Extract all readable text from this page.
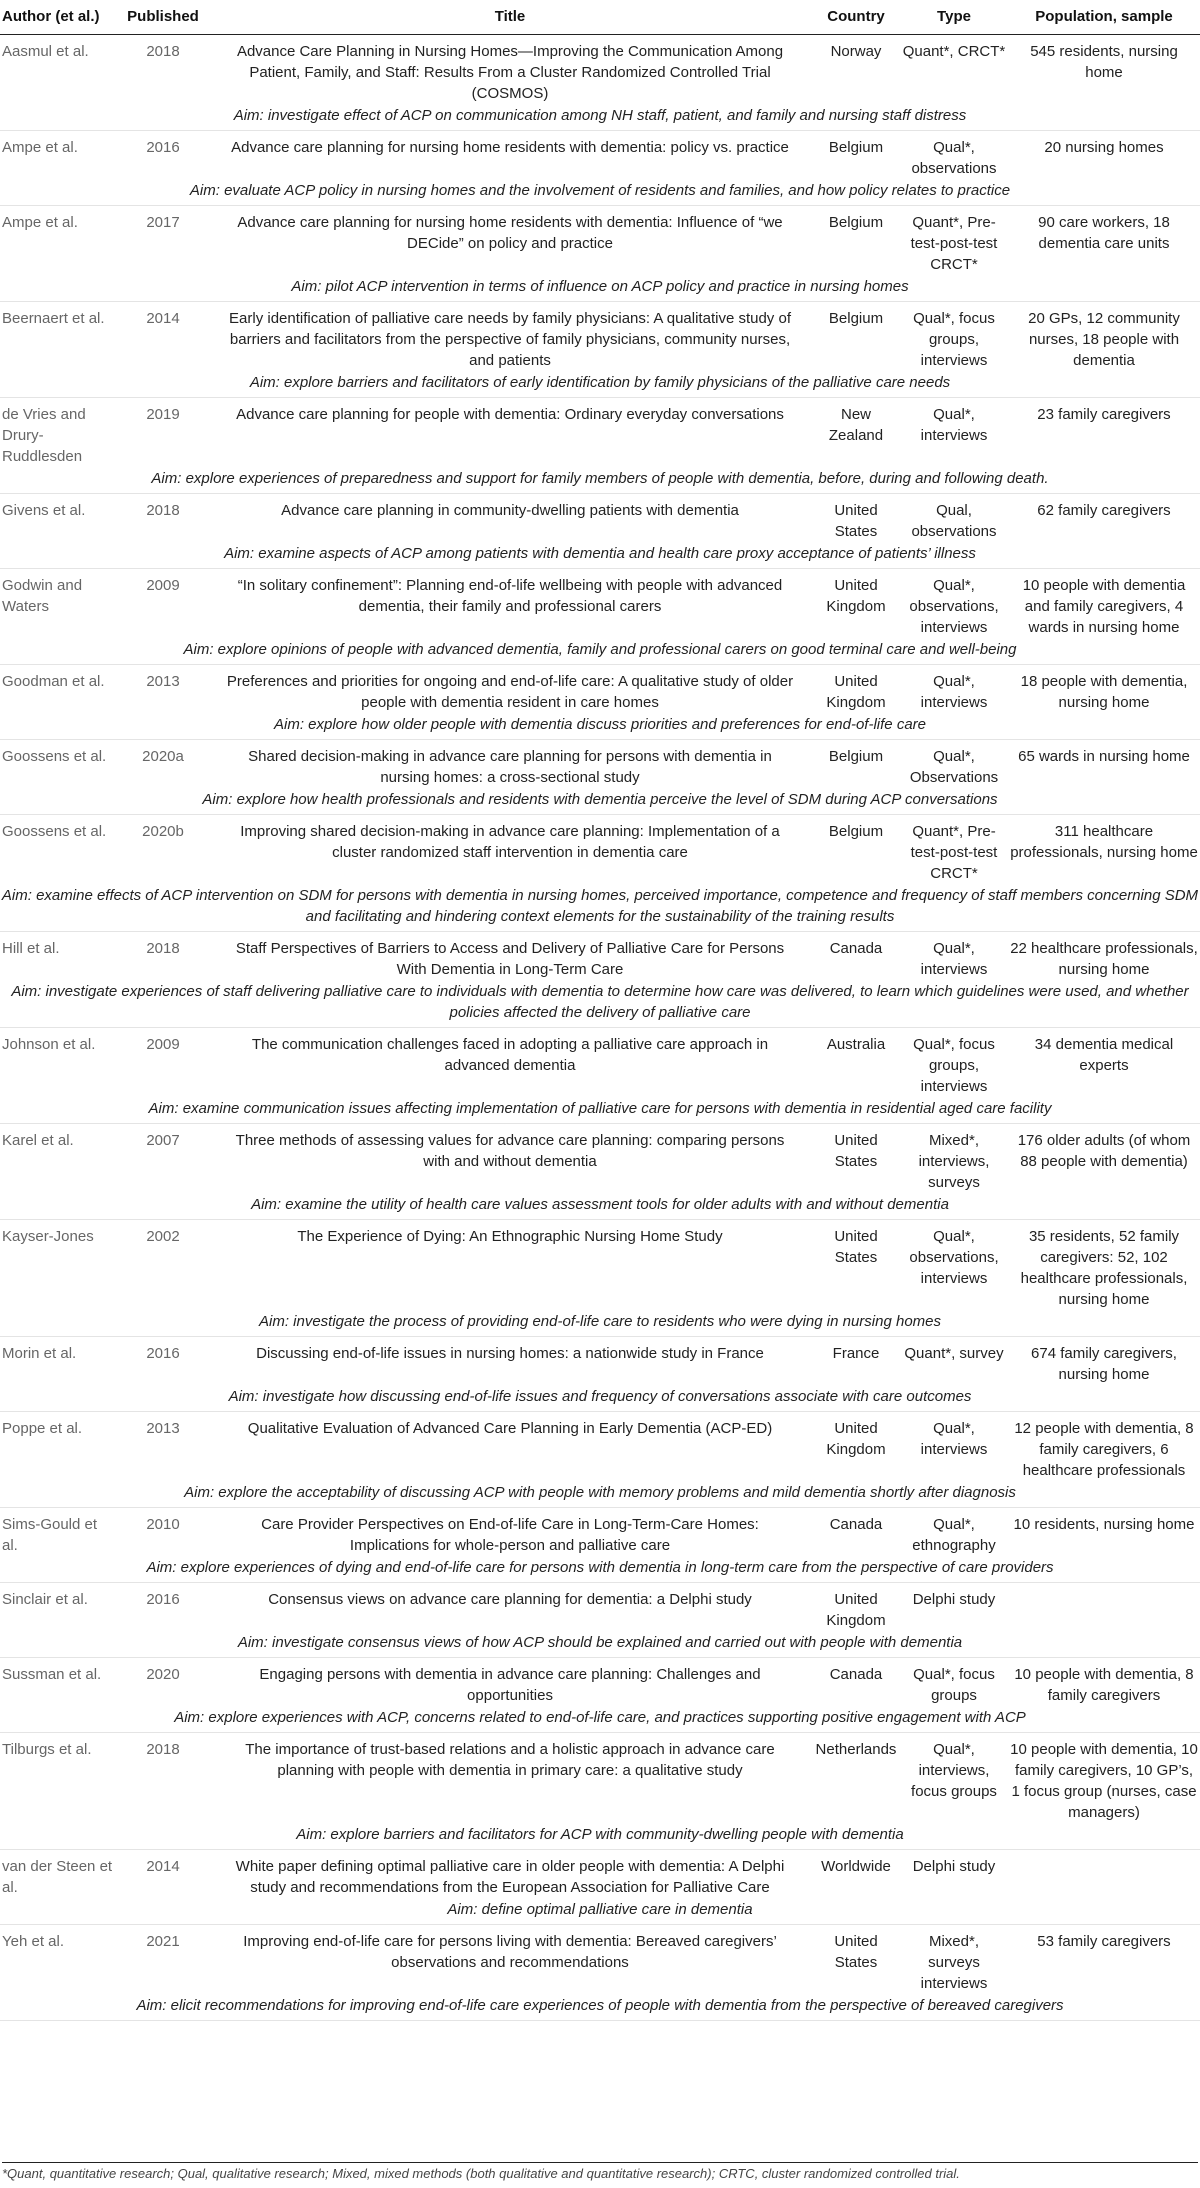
Author (et al.)	Published	Title	Country	Type	Population, sample
Aasmul et al.	2018	Advance Care Planning in Nursing Homes—Improving the Communication Among Patient, Family, and Staff: Results From a Cluster Randomized Controlled Trial (COSMOS)	Norway	Quant*, CRCT*	545 residents, nursing home
Aim: investigate effect of ACP on communication among NH staff, patient, and family and nursing staff distress					
Ampe et al.	2016	Advance care planning for nursing home residents with dementia: policy vs. practice	Belgium	Qual*, observations	20 nursing homes
Aim: evaluate ACP policy in nursing homes and the involvement of residents and families, and how policy relates to practice					
Ampe et al.	2017	Advance care planning for nursing home residents with dementia: Influence of “we DECide” on policy and practice	Belgium	Quant*, Pre-test-post-test CRCT*	90 care workers, 18 dementia care units
Aim: pilot ACP intervention in terms of influence on ACP policy and practice in nursing homes					
Beernaert et al.	2014	Early identification of palliative care needs by family physicians: A qualitative study of barriers and facilitators from the perspective of family physicians, community nurses, and patients	Belgium	Qual*, focus groups, interviews	20 GPs, 12 community nurses, 18 people with dementia
Aim: explore barriers and facilitators of early identification by family physicians of the palliative care needs					
de Vries and Drury-Ruddlesden	2019	Advance care planning for people with dementia: Ordinary everyday conversations	New Zealand	Qual*, interviews	23 family caregivers
Aim: explore experiences of preparedness and support for family members of people with dementia, before, during and following death.					
Givens et al.	2018	Advance care planning in community-dwelling patients with dementia	United States	Qual, observations	62 family caregivers
Aim: examine aspects of ACP among patients with dementia and health care proxy acceptance of patients’ illness					
Godwin and Waters	2009	“In solitary confinement”: Planning end-of-life wellbeing with people with advanced dementia, their family and professional carers	United Kingdom	Qual*, observations, interviews	10 people with dementia and family caregivers, 4 wards in nursing home
Aim: explore opinions of people with advanced dementia, family and professional carers on good terminal care and well-being					
Goodman et al.	2013	Preferences and priorities for ongoing and end-of-life care: A qualitative study of older people with dementia resident in care homes	United Kingdom	Qual*, interviews	18 people with dementia, nursing home
Aim: explore how older people with dementia discuss priorities and preferences for end-of-life care					
Goossens et al.	2020a	Shared decision-making in advance care planning for persons with dementia in nursing homes: a cross-sectional study	Belgium	Qual*, Observations	65 wards in nursing home
Aim: explore how health professionals and residents with dementia perceive the level of SDM during ACP conversations					
Goossens et al.	2020b	Improving shared decision-making in advance care planning: Implementation of a cluster randomized staff intervention in dementia care	Belgium	Quant*, Pre-test-post-test CRCT*	311 healthcare professionals, nursing home
Aim: examine effects of ACP intervention on SDM for persons with dementia in nursing homes, perceived importance, competence and frequency of staff members concerning SDM and facilitating and hindering context elements for the sustainability of the training results					
Hill et al.	2018	Staff Perspectives of Barriers to Access and Delivery of Palliative Care for Persons With Dementia in Long-Term Care	Canada	Qual*, interviews	22 healthcare professionals, nursing home
Aim: investigate experiences of staff delivering palliative care to individuals with dementia to determine how care was delivered, to learn which guidelines were used, and whether policies affected the delivery of palliative care					
Johnson et al.	2009	The communication challenges faced in adopting a palliative care approach in advanced dementia	Australia	Qual*, focus groups, interviews	34 dementia medical experts
Aim: examine communication issues affecting implementation of palliative care for persons with dementia in residential aged care facility					
Karel et al.	2007	Three methods of assessing values for advance care planning: comparing persons with and without dementia	United States	Mixed*, interviews, surveys	176 older adults (of whom 88 people with dementia)
Aim: examine the utility of health care values assessment tools for older adults with and without dementia					
Kayser-Jones	2002	The Experience of Dying: An Ethnographic Nursing Home Study	United States	Qual*, observations, interviews	35 residents, 52 family caregivers: 52, 102 healthcare professionals, nursing home
Aim: investigate the process of providing end-of-life care to residents who were dying in nursing homes					
Morin et al.	2016	Discussing end-of-life issues in nursing homes: a nationwide study in France	France	Quant*, survey	674 family caregivers, nursing home
Aim: investigate how discussing end-of-life issues and frequency of conversations associate with care outcomes					
Poppe et al.	2013	Qualitative Evaluation of Advanced Care Planning in Early Dementia (ACP-ED)	United Kingdom	Qual*, interviews	12 people with dementia, 8 family caregivers, 6 healthcare professionals
Aim: explore the acceptability of discussing ACP with people with memory problems and mild dementia shortly after diagnosis					
Sims-Gould et al.	2010	Care Provider Perspectives on End-of-life Care in Long-Term-Care Homes: Implications for whole-person and palliative care	Canada	Qual*, ethnography	10 residents, nursing home
Aim: explore experiences of dying and end-of-life care for persons with dementia in long-term care from the perspective of care providers					
Sinclair et al.	2016	Consensus views on advance care planning for dementia: a Delphi study	United Kingdom	Delphi study	
Aim: investigate consensus views of how ACP should be explained and carried out with people with dementia					
Sussman et al.	2020	Engaging persons with dementia in advance care planning: Challenges and opportunities	Canada	Qual*, focus groups	10 people with dementia, 8 family caregivers
Aim: explore experiences with ACP, concerns related to end-of-life care, and practices supporting positive engagement with ACP					
Tilburgs et al.	2018	The importance of trust-based relations and a holistic approach in advance care planning with people with dementia in primary care: a qualitative study	Netherlands	Qual*, interviews, focus groups	10 people with dementia, 10 family caregivers, 10 GP’s, 1 focus group (nurses, case managers)
Aim: explore barriers and facilitators for ACP with community-dwelling people with dementia					
van der Steen et al.	2014	White paper defining optimal palliative care in older people with dementia: A Delphi study and recommendations from the European Association for Palliative Care	Worldwide	Delphi study	
Aim: define optimal palliative care in dementia					
Yeh et al.	2021	Improving end-of-life care for persons living with dementia: Bereaved caregivers’ observations and recommendations	United States	Mixed*, surveys interviews	53 family caregivers
Aim: elicit recommendations for improving end-of-life care experiences of people with dementia from the perspective of bereaved caregivers					
*Quant, quantitative research; Qual, qualitative research; Mixed, mixed methods (both qualitative and quantitative research); CRTC, cluster randomized controlled trial.
